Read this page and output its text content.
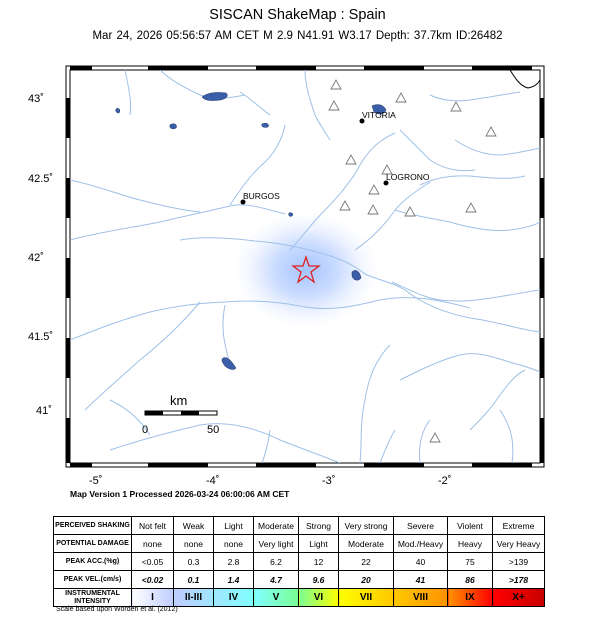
SISCAN ShakeMap : Spain
Mar 24, 2026 05:56:57 AM CET M 2.9 N41.91 W3.17 Depth: 37.7km ID:26482
43˚
42.5˚
42˚
41.5˚
41˚
-5˚	-4˚	-3˚	-2˚
VITORIA
LOGRONO
BURGOS
km
0	50
Map Version 1 Processed 2026-03-24 06:00:06 AM CET
PERCEIVED SHAKING	Not felt	Weak	Light	Moderate	Strong	Very strong	Severe	Violent	Extreme
POTENTIAL DAMAGE	none	none	none	Very light	Light	Moderate	Mod./Heavy	Heavy	Very Heavy
PEAK ACC.(%g)	<0.05	0.3	2.8	6.2	12	22	40	75	>139
PEAK VEL.(cm/s)	<0.02	0.1	1.4	4.7	9.6	20	41	86	>178
INSTRUMENTAL INTENSITY	I	II-III	IV	V	VI	VII	VIII	IX	X+
Scale based upon Worden et al. (2012)
